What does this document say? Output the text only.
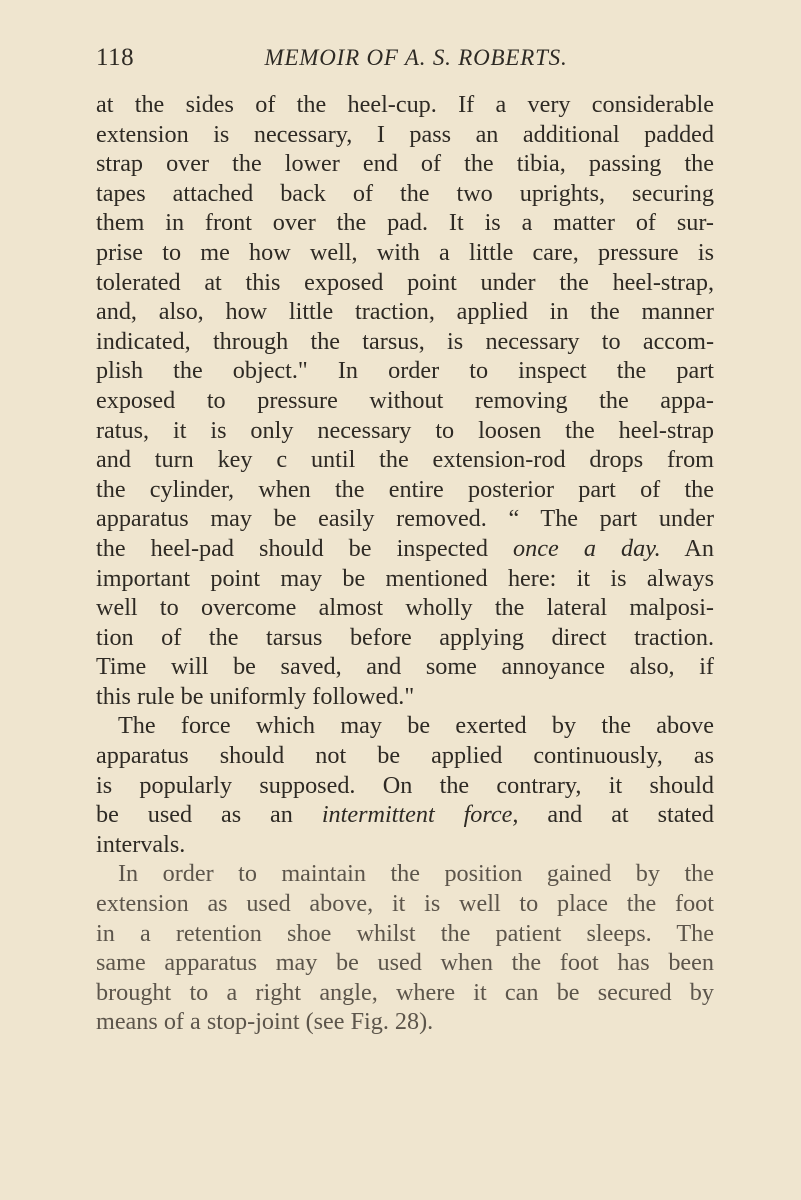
118	MEMOIR OF A. S. ROBERTS.
at the sides of the heel-cup. If a very considerable
extension is necessary, I pass an additional padded
strap over the lower end of the tibia, passing the
tapes attached back of the two uprights, securing
them in front over the pad. It is a matter of sur-
prise to me how well, with a little care, pressure is
tolerated at this exposed point under the heel-strap,
and, also, how little traction, applied in the manner
indicated, through the tarsus, is necessary to accom-
plish the object." In order to inspect the part
exposed to pressure without removing the appa-
ratus, it is only necessary to loosen the heel-strap
and turn key c until the extension-rod drops from
the cylinder, when the entire posterior part of the
apparatus may be easily removed. “ The part under
the heel-pad should be inspected once a day. An
important point may be mentioned here: it is always
well to overcome almost wholly the lateral malposi-
tion of the tarsus before applying direct traction.
Time will be saved, and some annoyance also, if
this rule be uniformly followed."
The force which may be exerted by the above
apparatus should not be applied continuously, as
is popularly supposed. On the contrary, it should
be used as an intermittent force, and at stated
intervals.
In order to maintain the position gained by the
extension as used above, it is well to place the foot
in a retention shoe whilst the patient sleeps. The
same apparatus may be used when the foot has been
brought to a right angle, where it can be secured by
means of a stop-joint (see Fig. 28).
